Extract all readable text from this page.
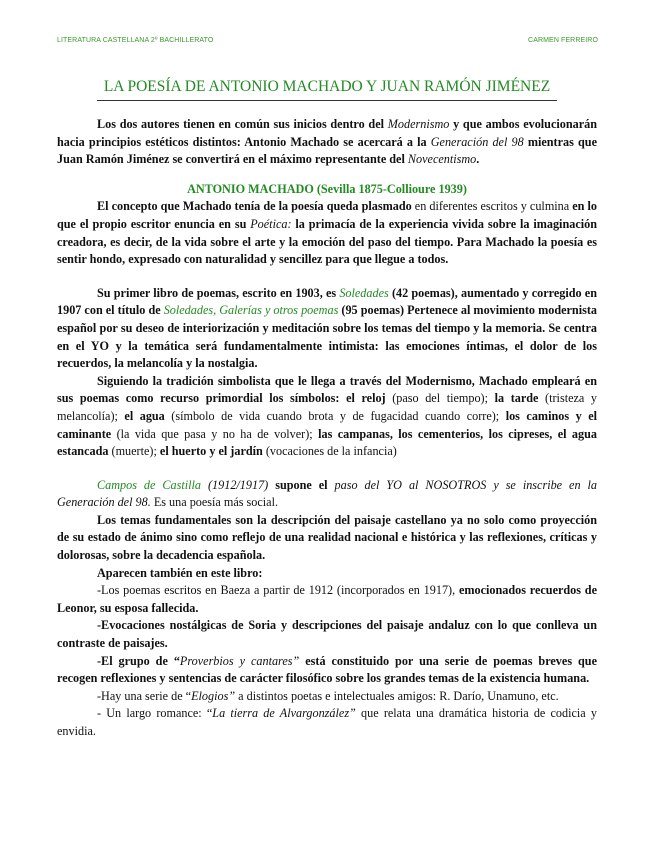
LITERATURA CASTELLANA 2º BACHILLERATO	CARMEN FERREIRO
LA POESÍA DE ANTONIO MACHADO Y JUAN RAMÓN JIMÉNEZ

Los dos autores tienen en común sus inicios dentro del Modernismo y que ambos evolucionarán hacia principios estéticos distintos: Antonio Machado se acercará a la Generación del 98 mientras que Juan Ramón Jiménez se convertirá en el máximo representante del Novecentismo.

ANTONIO MACHADO (Sevilla 1875-Collioure 1939)

El concepto que Machado tenía de la poesía queda plasmado en diferentes escritos y culmina en lo que el propio escritor enuncia en su Poética: la primacía de la experiencia vivida sobre la imaginación creadora, es decir, de la vida sobre el arte y la emoción del paso del tiempo. Para Machado la poesía es sentir hondo, expresado con naturalidad y sencillez para que llegue a todos.

Su primer libro de poemas, escrito en 1903, es Soledades (42 poemas), aumentado y corregido en 1907 con el título de Soledades, Galerías y otros poemas (95 poemas) Pertenece al movimiento modernista español por su deseo de interiorización y meditación sobre los temas del tiempo y la memoria. Se centra en el YO y la temática será fundamentalmente intimista: las emociones íntimas, el dolor de los recuerdos, la melancolía y la nostalgia.

Siguiendo la tradición simbolista que le llega a través del Modernismo, Machado empleará en sus poemas como recurso primordial los símbolos: el reloj (paso del tiempo); la tarde (tristeza y melancolía); el agua (símbolo de vida cuando brota y de fugacidad cuando corre); los caminos y el caminante (la vida que pasa y no ha de volver); las campanas, los cementerios, los cipreses, el agua estancada (muerte); el huerto y el jardín (vocaciones de la infancia)

Campos de Castilla (1912/1917) supone el paso del YO al NOSOTROS y se inscribe en la Generación del 98. Es una poesía más social.

Los temas fundamentales son la descripción del paisaje castellano ya no solo como proyección de su estado de ánimo sino como reflejo de una realidad nacional e histórica y las reflexiones, críticas y dolorosas, sobre la decadencia española.

Aparecen también en este libro:

-Los poemas escritos en Baeza a partir de 1912 (incorporados en 1917), emocionados recuerdos de Leonor, su esposa fallecida.

-Evocaciones nostálgicas de Soria y descripciones del paisaje andaluz con lo que conlleva un contraste de paisajes.

-El grupo de “Proverbios y cantares” está constituido por una serie de poemas breves que recogen reflexiones y sentencias de carácter filosófico sobre los grandes temas de la existencia humana.

-Hay una serie de “Elogios” a distintos poetas e intelectuales amigos: R. Darío, Unamuno, etc.

- Un largo romance: “La tierra de Alvargonzález” que relata una dramática historia de codicia y envidia.
